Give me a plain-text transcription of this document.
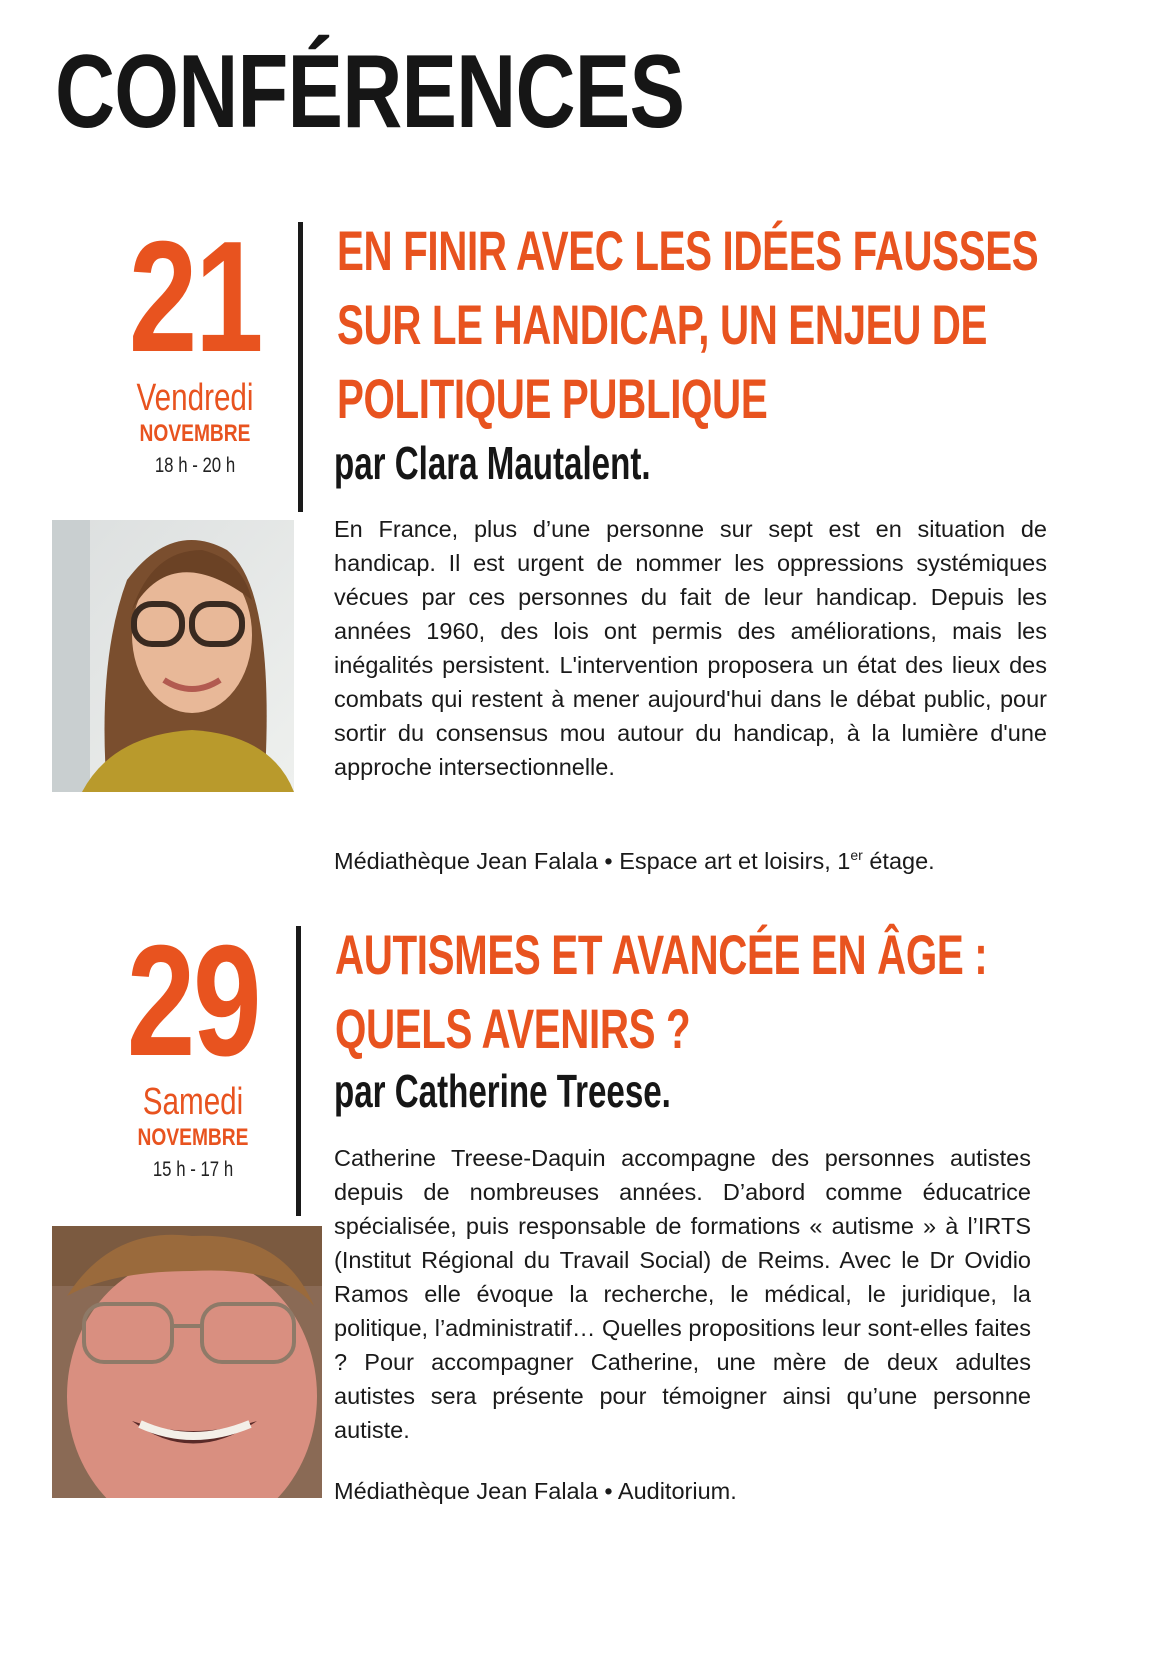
CONFÉRENCES
21
Vendredi
NOVEMBRE
18 h - 20 h
EN FINIR AVEC LES IDÉES FAUSSES
SUR LE HANDICAP, UN ENJEU DE
POLITIQUE PUBLIQUE
par Clara Mautalent.

En France, plus d’une personne sur sept est en situation de handicap. Il est urgent de nommer les oppressions systémiques vécues par ces personnes du fait de leur handicap. Depuis les années 1960, des lois ont permis des améliorations, mais les inégalités persistent. L'intervention proposera un état des lieux des combats qui restent à mener aujourd'hui dans le débat public, pour sortir du consensus mou autour du handicap, à la lumière d'une approche intersectionnelle.

Médiathèque Jean Falala • Espace art et loisirs, 1er étage.
29
Samedi
NOVEMBRE
15 h - 17 h
AUTISMES ET AVANCÉE EN ÂGE :
QUELS AVENIRS ?
par Catherine Treese.

Catherine Treese-Daquin accompagne des personnes autistes depuis de nombreuses années. D’abord comme éducatrice spécialisée, puis responsable de formations « autisme » à l’IRTS (Institut Régional du Travail Social) de Reims. Avec le Dr Ovidio Ramos elle évoque la recherche, le médical, le juridique, la politique, l’administratif… Quelles propositions leur sont-elles faites ? Pour accompagner Catherine, une mère de deux adultes autistes sera présente pour témoigner ainsi qu’une personne autiste.

Médiathèque Jean Falala • Auditorium.
